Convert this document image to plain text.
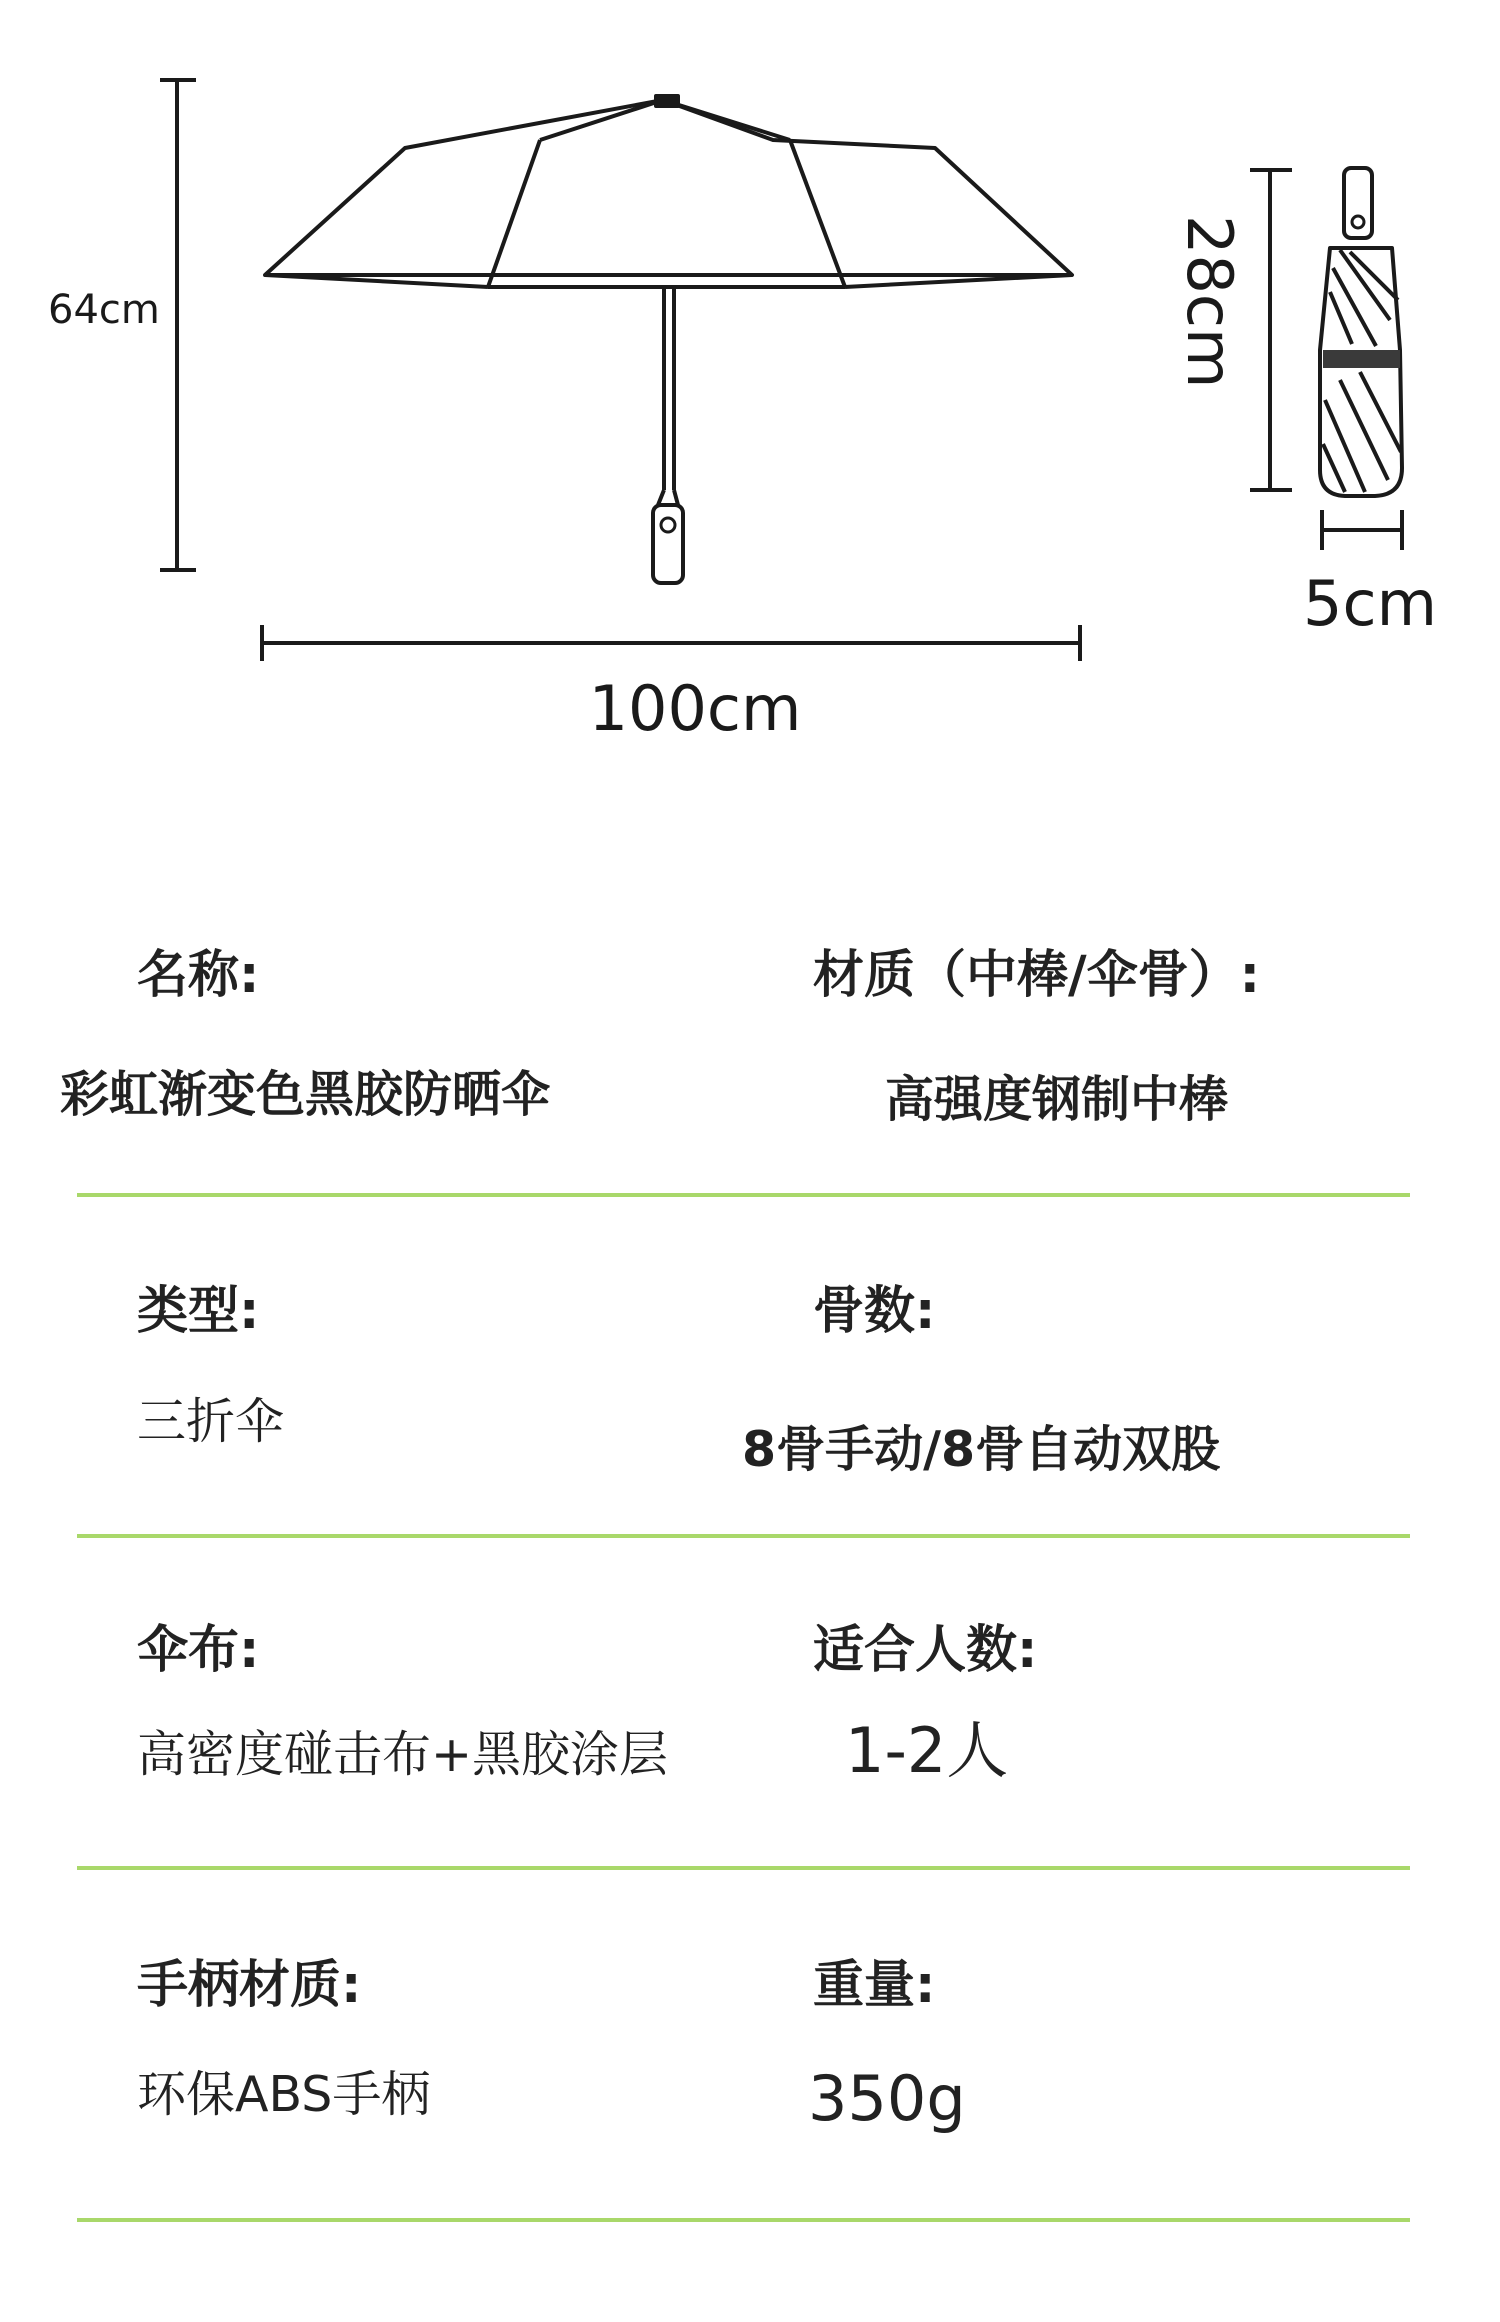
64cm
100cm
28cm
5cm
名称:	材质（中棒/伞骨）:
彩虹渐变色黑胶防晒伞	高强度钢制中棒
类型:	骨数:
三折伞	8骨手动/8骨自动双股
伞布:	适合人数:
高密度碰击布+黑胶涂层	1-2人
手柄材质:	重量:
环保ABS手柄	350g
